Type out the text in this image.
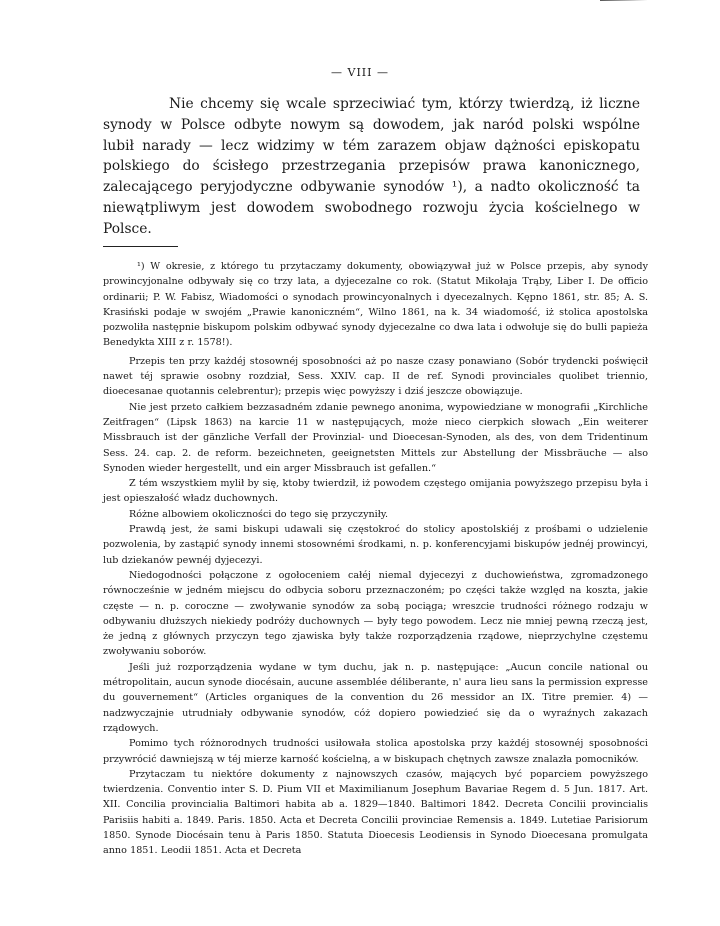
— VIII —

Nie chcemy się wcale sprzeciwiać tym, którzy twierdzą, iż liczne synody w Polsce odbyte nowym są dowodem, jak naród polski wspólne lubił narady — lecz widzimy w tém zarazem objaw dążności episkopatu polskiego do ścisłego przestrzegania przepisów prawa kanonicznego, zalecającego peryjodyczne odbywanie synodów ¹), a nadto okoliczność ta niewątpliwym jest dowodem swobodnego rozwoju życia kościelnego w Polsce.

¹) W okresie, z którego tu przytaczamy dokumenty, obowiązywał już w Polsce przepis, aby synody prowincyjonalne odbywały się co trzy lata, a dyjecezalne co rok. (Statut Mikołaja Trąby, Liber I. De officio ordinarii; P. W. Fabisz, Wiadomości o synodach prowincyonalnych i dyecezalnych. Kępno 1861, str. 85; A. S. Krasiński podaje w swojém „Prawie kanoniczném“, Wilno 1861, na k. 34 wiadomość, iż stolica apostolska pozwoliła następnie biskupom polskim odbywać synody dyjecezalne co dwa lata i odwołuje się do bulli papieża Benedykta XIII z r. 1578!).

Przepis ten przy każdéj stosownéj sposobności aż po nasze czasy ponawiano (Sobór trydencki poświęcił nawet téj sprawie osobny rozdział, Sess. XXIV. cap. II de ref. Synodi provinciales quolibet triennio, dioecesanae quotannis celebrentur); przepis więc powyższy i dziś jeszcze obowiązuje.

Nie jest przeto całkiem bezzasadném zdanie pewnego anonima, wypowiedziane w monografii „Kirchliche Zeitfragen“ (Lipsk 1863) na karcie 11 w następujących, może nieco cierpkich słowach „Ein weiterer Missbrauch ist der gänzliche Verfall der Provinzial- und Dioecesan-Synoden, als des, von dem Tridentinum Sess. 24. cap. 2. de reform. bezeichneten, geeignetsten Mittels zur Abstellung der Missbräuche — also Synoden wieder hergestellt, und ein arger Missbrauch ist gefallen.“

Z tém wszystkiem mylił by się, ktoby twierdził, iż powodem częstego omijania powyższego przepisu była i jest opieszałość władz duchownych.

Różne albowiem okoliczności do tego się przyczyniły.

Prawdą jest, że sami biskupi udawali się częstokroć do stolicy apostolskiéj z prośbami o udzielenie pozwolenia, by zastąpić synody innemi stosownémi środkami, n. p. konferencyjami biskupów jednéj prowincyi, lub dziekanów pewnéj dyjecezyi.

Niedogodności połączone z ogołoceniem całéj niemal dyjecezyi z duchowieństwa, zgromadzonego równocześnie w jedném miejscu do odbycia soboru przeznaczoném; po części także względ na koszta, jakie częste — n. p. coroczne — zwoływanie synodów za sobą pociąga; wreszcie trudności różnego rodzaju w odbywaniu dłuższych niekiedy podróży duchownych — były tego powodem. Lecz nie mniej pewną rzeczą jest, że jedną z głównych przyczyn tego zjawiska były także rozporządzenia rządowe, nieprzychylne częstemu zwoływaniu soborów.

Jeśli już rozporządzenia wydane w tym duchu, jak n. p. następujące: „Aucun concile national ou métropolitain, aucun synode diocésain, aucune assemblée déliberante, n' aura lieu sans la permission expresse du gouvernement“ (Articles organiques de la convention du 26 messidor an IX. Titre premier. 4) — nadzwyczajnie utrudniały odbywanie synodów, cóż dopiero powiedzieć się da o wyraźnych zakazach rządowych.

Pomimo tych różnorodnych trudności usiłowała stolica apostolska przy każdéj stosownéj sposobności przywrócić dawniejszą w téj mierze karność kościelną, a w biskupach chętnych zawsze znalazła pomocników.

Przytaczam tu niektóre dokumenty z najnowszych czasów, mających być poparciem powyższego twierdzenia. Conventio inter S. D. Pium VII et Maximilianum Josephum Bavariae Regem d. 5 Jun. 1817. Art. XII. Concilia provincialia Baltimori habita ab a. 1829—1840. Baltimori 1842. Decreta Concilii provincialis Parisiis habiti a. 1849. Paris. 1850. Acta et Decreta Concilii provinciae Remensis a. 1849. Lutetiae Parisiorum 1850. Synode Diocésain tenu à Paris 1850. Statuta Dioecesis Leodiensis in Synodo Dioecesana promulgata anno 1851. Leodii 1851. Acta et Decreta
